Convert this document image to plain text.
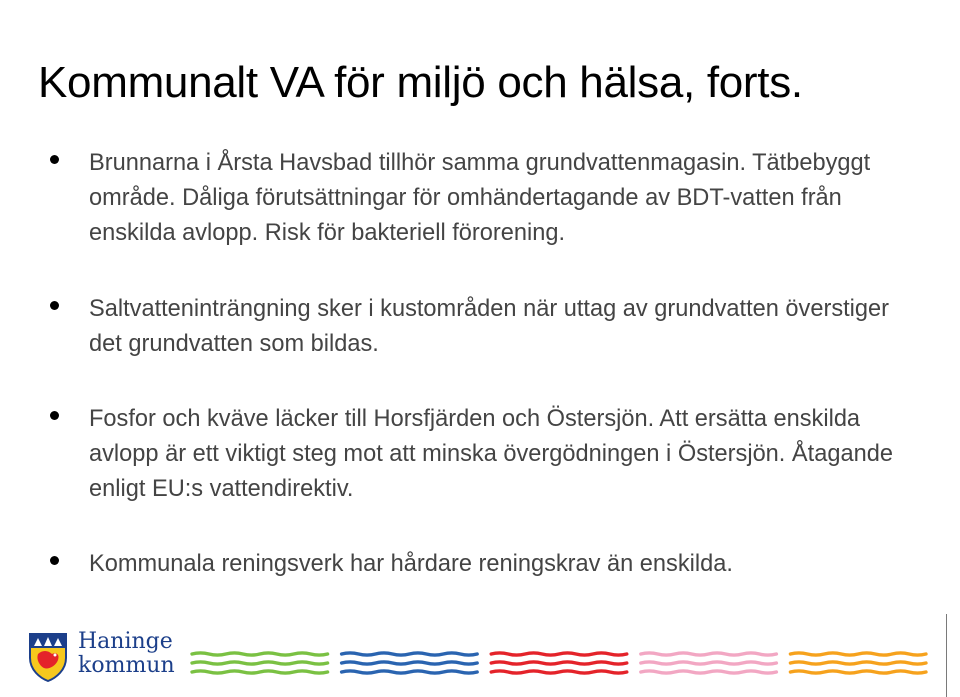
Kommunalt VA för miljö och hälsa, forts.

Brunnarna i Årsta Havsbad tillhör samma grundvattenmagasin. Tätbebyggt område. Dåliga förutsättningar för omhändertagande av BDT-vatten från enskilda avlopp. Risk för bakteriell förorening.

Saltvatteninträngning sker i kustområden när uttag av grundvatten överstiger det grundvatten som bildas.

Fosfor och kväve läcker till Horsfjärden och Östersjön. Att ersätta enskilda avlopp är ett viktigt steg mot att minska övergödningen i Östersjön. Åtagande enligt EU:s vattendirektiv.

Kommunala reningsverk har hårdare reningskrav än enskilda.

Haninge
kommun
